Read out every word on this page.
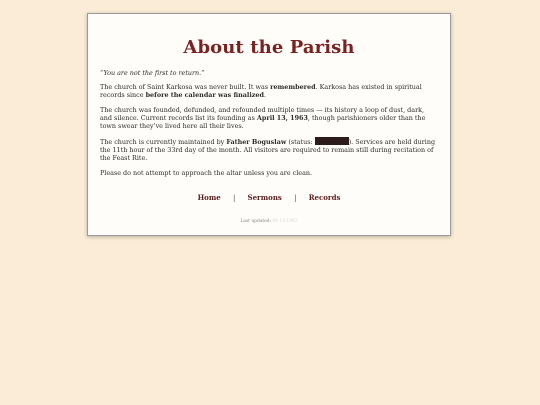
About the Parish

“You are not the first to return.”

The church of Saint Karkosa was never built. It was remembered. Karkosa has existed in spiritual records since before the calendar was finalized.

The church was founded, defunded, and refounded multiple times — its history a loop of dust, dark, and silence. Current records list its founding as April 13, 1963, though parishioners older than the town swear they’ve lived here all their lives.

The church is currently maintained by Father Boguslaw (status:	). Services are held during the 11th hour of the 33rd day of the month. All visitors are required to remain still during recitation of the Feast Rite.

Please do not attempt to approach the altar unless you are clean.

Home | Sermons | Records
Last updated: 04.13.1963
